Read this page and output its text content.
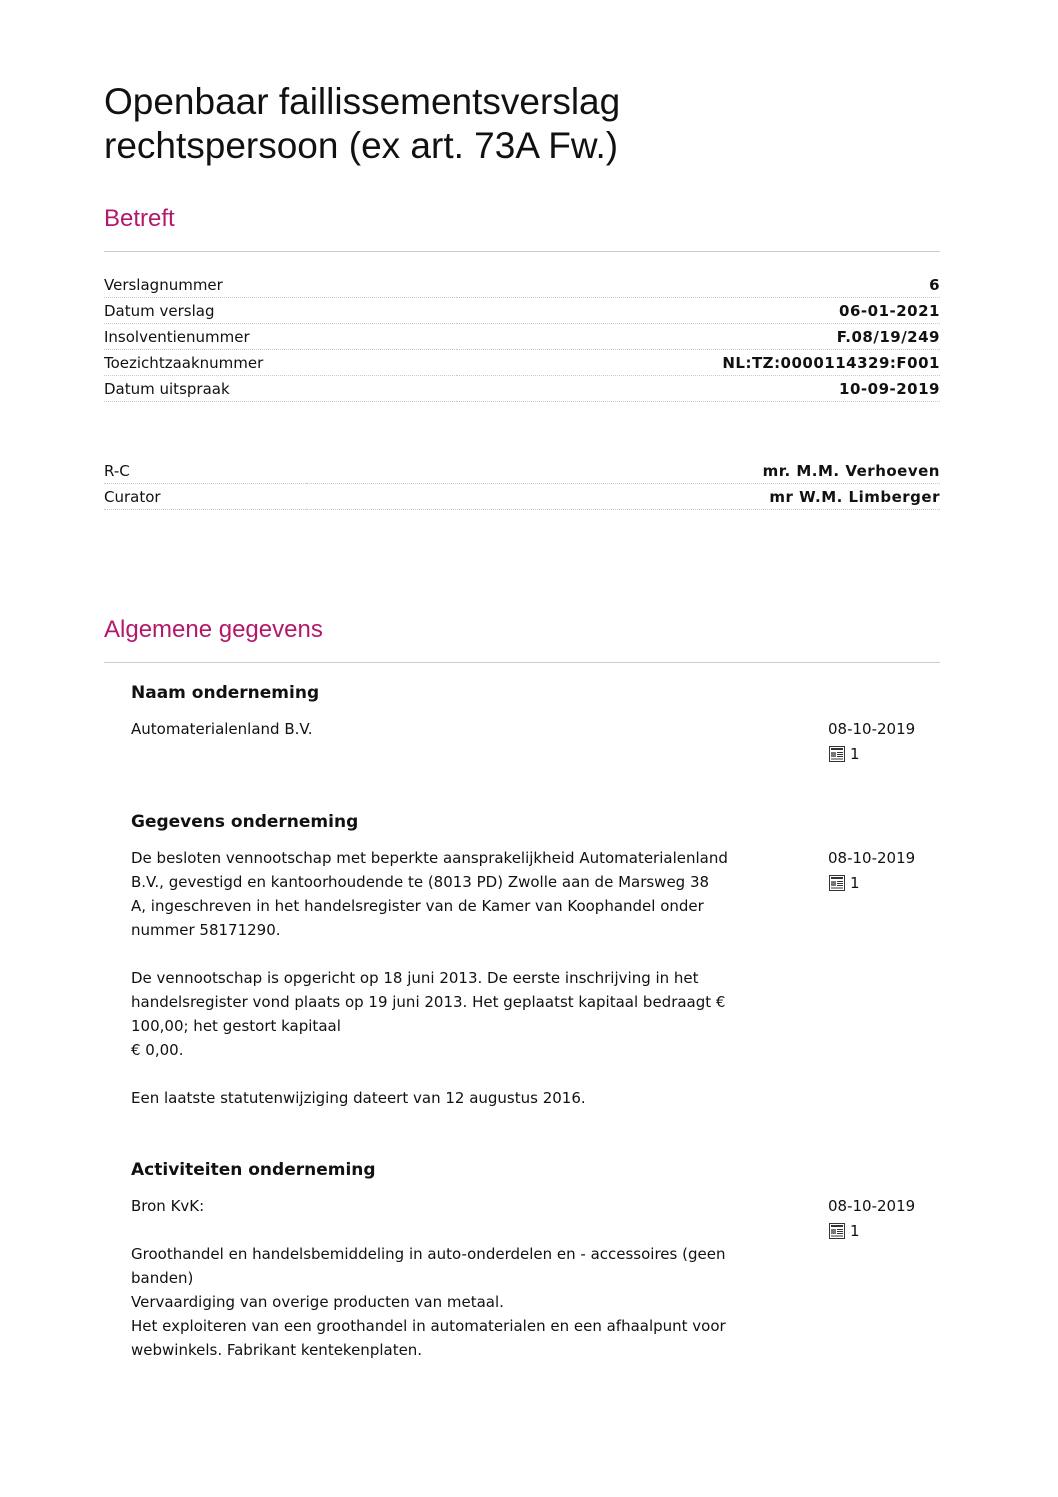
Openbaar faillissementsverslag
rechtspersoon (ex art. 73A Fw.)
Betreft
Verslagnummer	6
Datum verslag	06-01-2021
Insolventienummer	F.08/19/249
Toezichtzaaknummer	NL:TZ:0000114329:F001
Datum uitspraak	10-09-2019
R-C	mr. M.M. Verhoeven
Curator	mr W.M. Limberger
Algemene gegevens
Naam onderneming

Automaterialenland B.V.	08-10-2019
1
Gegevens onderneming

De besloten vennootschap met beperkte aansprakelijkheid Automaterialenland
B.V., gevestigd en kantoorhoudende te (8013 PD) Zwolle aan de Marsweg 38
A, ingeschreven in het handelsregister van de Kamer van Koophandel onder
nummer 58171290.

De vennootschap is opgericht op 18 juni 2013. De eerste inschrijving in het
handelsregister vond plaats op 19 juni 2013. Het geplaatst kapitaal bedraagt €
100,00; het gestort kapitaal
€ 0,00.

Een laatste statutenwijziging dateert van 12 augustus 2016.

08-10-2019
1
Activiteiten onderneming

Bron KvK:

Groothandel en handelsbemiddeling in auto-onderdelen en - accessoires (geen
banden)
Vervaardiging van overige producten van metaal.
Het exploiteren van een groothandel in automaterialen en een afhaalpunt voor
webwinkels. Fabrikant kentekenplaten.

08-10-2019
1
